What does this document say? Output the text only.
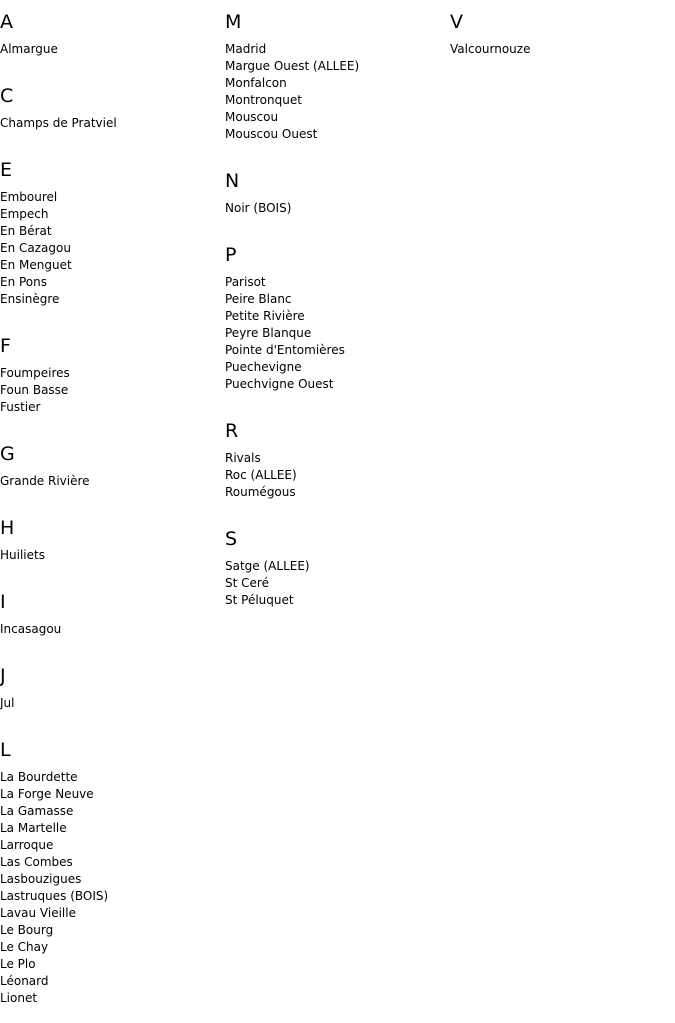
A
Almargue
C
Champs de Pratviel
E
Embourel
Empech
En Bérat
En Cazagou
En Menguet
En Pons
Ensinègre
F
Foumpeires
Foun Basse
Fustier
G
Grande Rivière
H
Huiliets
I
Incasagou
J
Jul
L
La Bourdette
La Forge Neuve
La Gamasse
La Martelle
Larroque
Las Combes
Lasbouzigues
Lastruques (BOIS)
Lavau Vieille
Le Bourg
Le Chay
Le Plo
Léonard
Lionet
M
Madrid
Margue Ouest (ALLEE)
Monfalcon
Montronquet
Mouscou
Mouscou Ouest
N
Noir (BOIS)
P
Parisot
Peire Blanc
Petite Rivière
Peyre Blanque
Pointe d'Entomières
Puechevigne
Puechvigne Ouest
R
Rivals
Roc (ALLEE)
Roumégous
S
Satge (ALLEE)
St Ceré
St Péluquet
V
Valcournouze
